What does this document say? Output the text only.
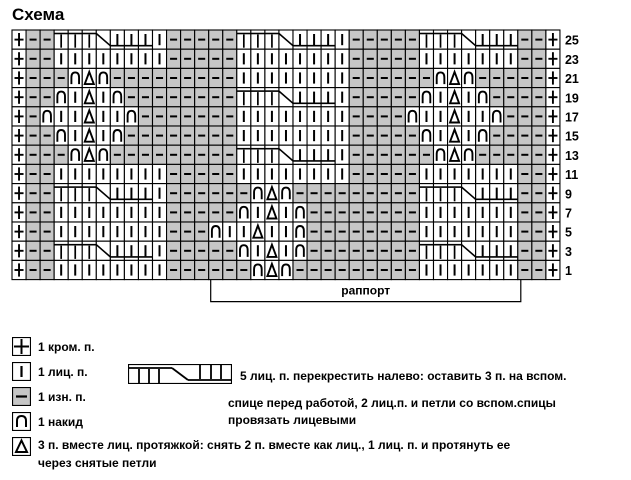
Схема
25
23
21
19
17
15
13
11
9
7
5
3
1
раппорт
1 кром. п.
1 лиц. п.
1 изн. п.
1 накид
3 п. вместе лиц. протяжкой: снять 2 п. вместе как лиц., 1 лиц. п. и протянуть ее
через снятые петли
5 лиц. п. перекрестить налево: оставить 3 п. на вспом.
спице перед работой, 2 лиц.п. и петли со вспом.спицы
провязать лицевыми
